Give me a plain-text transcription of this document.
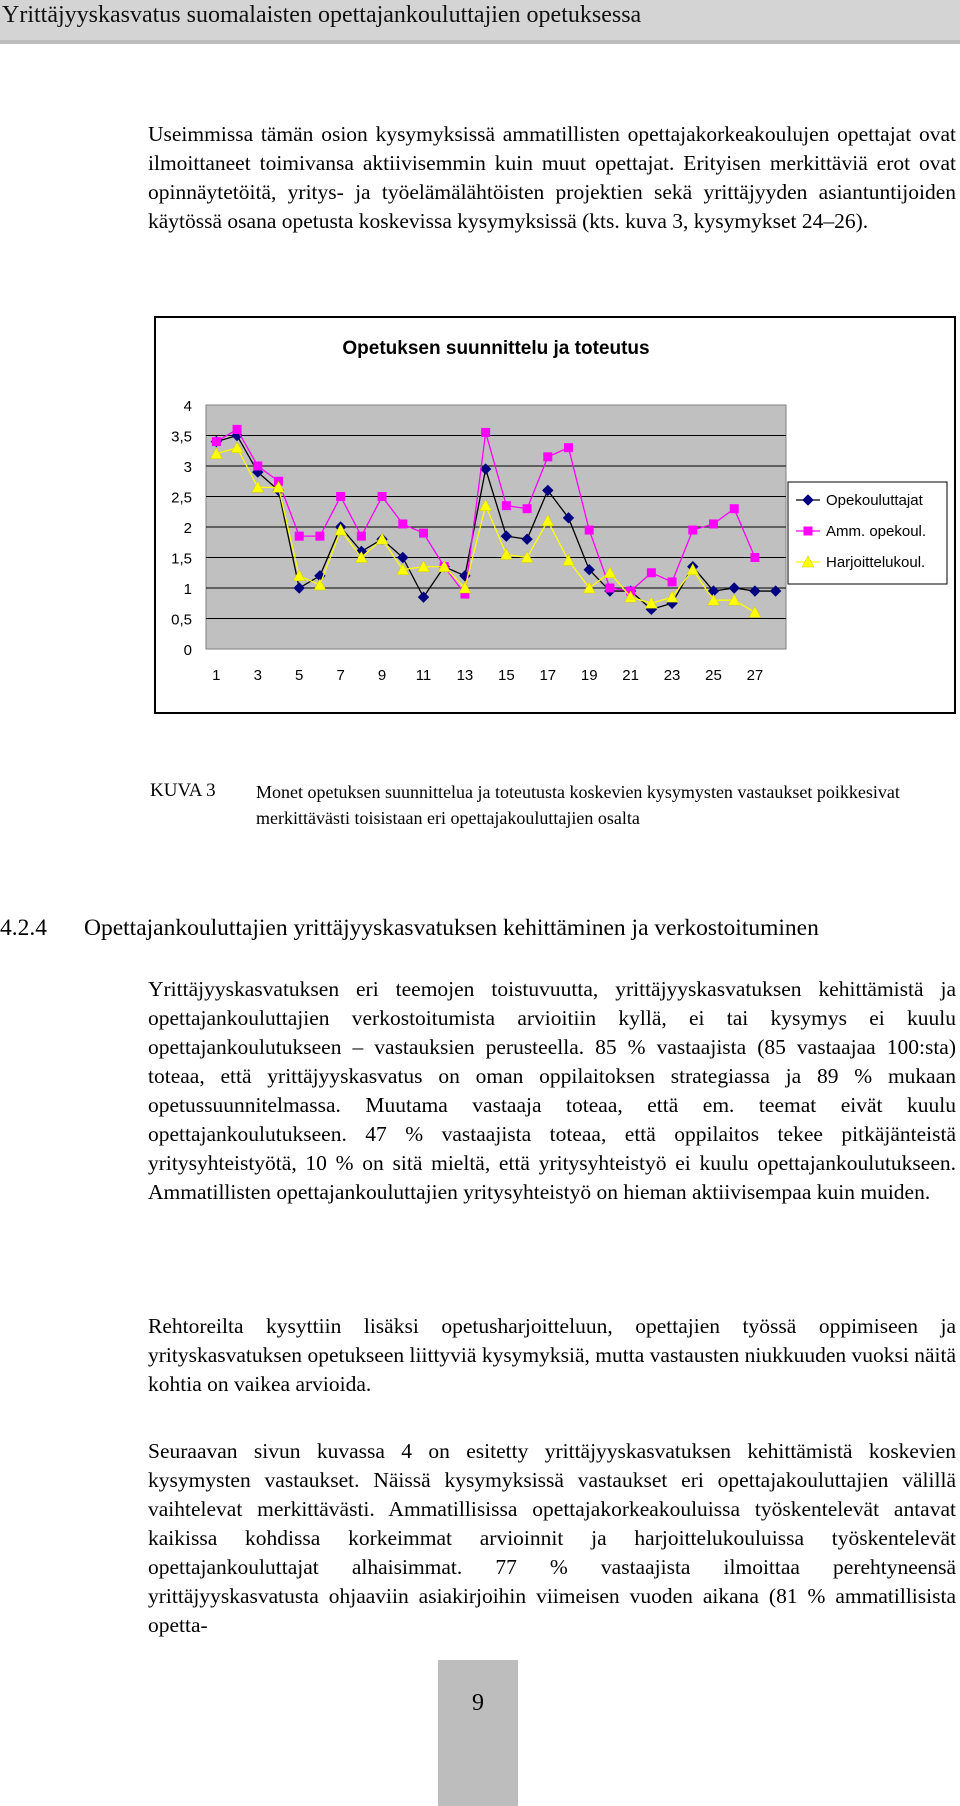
Yrittäjyyskasvatus suomalaisten opettajankouluttajien opetuksessa

Useimmissa tämän osion kysymyksissä ammatillisten opettajakorkeakoulujen opettajat ovat ilmoittaneet toimivansa aktiivisemmin kuin muut opettajat. Erityisen merkittäviä erot ovat opinnäytetöitä, yritys- ja työelämälähtöisten projektien sekä yrittäjyyden asiantuntijoiden käytössä osana opetusta koskevissa kysymyksissä (kts. kuva 3, kysymykset 24–26).

Opetuksen suunnittelu ja toteutus
0
0,5
1
1,5
2
2,5
3
3,5
4
1 3 5 7 9 11 13 15 17 19 21 23 25 27
Opekouluttajat
Amm. opekoul.
Harjoittelukoul.
KUVA 3 Monet opetuksen suunnittelua ja toteutusta koskevien kysymysten vastaukset poikkesivat merkittävästi toisistaan eri opettajakouluttajien osalta
4.2.4 Opettajankouluttajien yrittäjyyskasvatuksen kehittäminen ja verkostoituminen

Yrittäjyyskasvatuksen eri teemojen toistuvuutta, yrittäjyyskasvatuksen kehittämistä ja opettajankouluttajien verkostoitumista arvioitiin kyllä, ei tai kysymys ei kuulu opettajankoulutukseen – vastauksien perusteella. 85 % vastaajista (85 vastaajaa 100:sta) toteaa, että yrittäjyyskasvatus on oman oppilaitoksen strategiassa ja 89 % mukaan opetussuunnitelmassa. Muutama vastaaja toteaa, että em. teemat eivät kuulu opettajankoulutukseen. 47 % vastaajista toteaa, että oppilaitos tekee pitkäjänteistä yritysyhteistyötä, 10 % on sitä mieltä, että yritysyhteistyö ei kuulu opettajankoulutukseen. Ammatillisten opettajankouluttajien yritysyhteistyö on hieman aktiivisempaa kuin muiden.

Rehtoreilta kysyttiin lisäksi opetusharjoitteluun, opettajien työssä oppimiseen ja yrityskasvatuksen opetukseen liittyviä kysymyksiä, mutta vastausten niukkuuden vuoksi näitä kohtia on vaikea arvioida.

Seuraavan sivun kuvassa 4 on esitetty yrittäjyyskasvatuksen kehittämistä koskevien kysymysten vastaukset. Näissä kysymyksissä vastaukset eri opettajakouluttajien välillä vaihtelevat merkittävästi. Ammatillisissa opettajakorkeakouluissa työskentelevät antavat kaikissa kohdissa korkeimmat arvioinnit ja harjoittelukouluissa työskentelevät opettajankouluttajat alhaisimmat. 77 % vastaajista ilmoittaa perehtyneensä yrittäjyyskasvatusta ohjaaviin asiakirjoihin viimeisen vuoden aikana (81 % ammatillisista opetta-

9
